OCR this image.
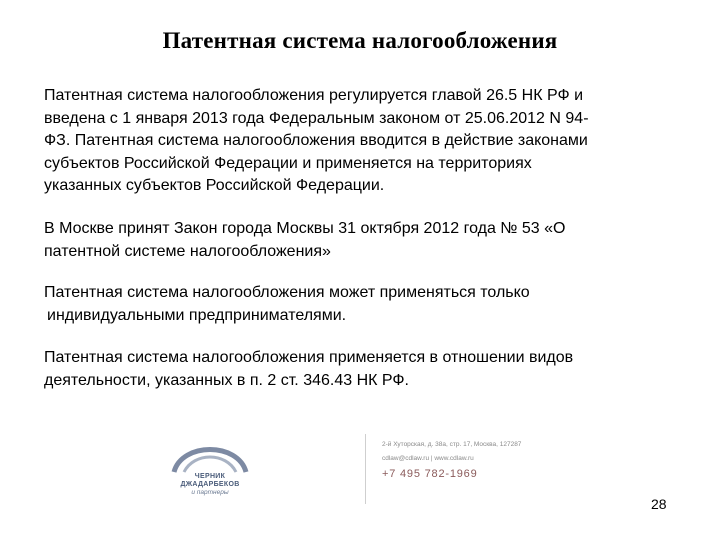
Патентная система налогообложения

Патентная система налогообложения регулируется главой 26.5 НК РФ и
введена с 1 января 2013 года Федеральным законом от 25.06.2012 N 94-
ФЗ. Патентная система налогообложения вводится в действие законами
субъектов Российской Федерации и применяется на территориях
указанных субъектов Российской Федерации.

В Москве принят Закон города Москвы 31 октября 2012 года № 53 «О
патентной системе налогообложения»

Патентная система налогообложения может применяться только
индивидуальными предпринимателями.

Патентная система налогообложения применяется в отношении видов
деятельности, указанных в п. 2 ст. 346.43 НК РФ.

ЧЕРНИК
ДЖАДАРБЕКОВ
и партнеры
2-й Хуторская, д. 38а, стр. 17, Москва, 127287
cdlaw@cdlaw.ru | www.cdlaw.ru
+7 495 782-1969
28
